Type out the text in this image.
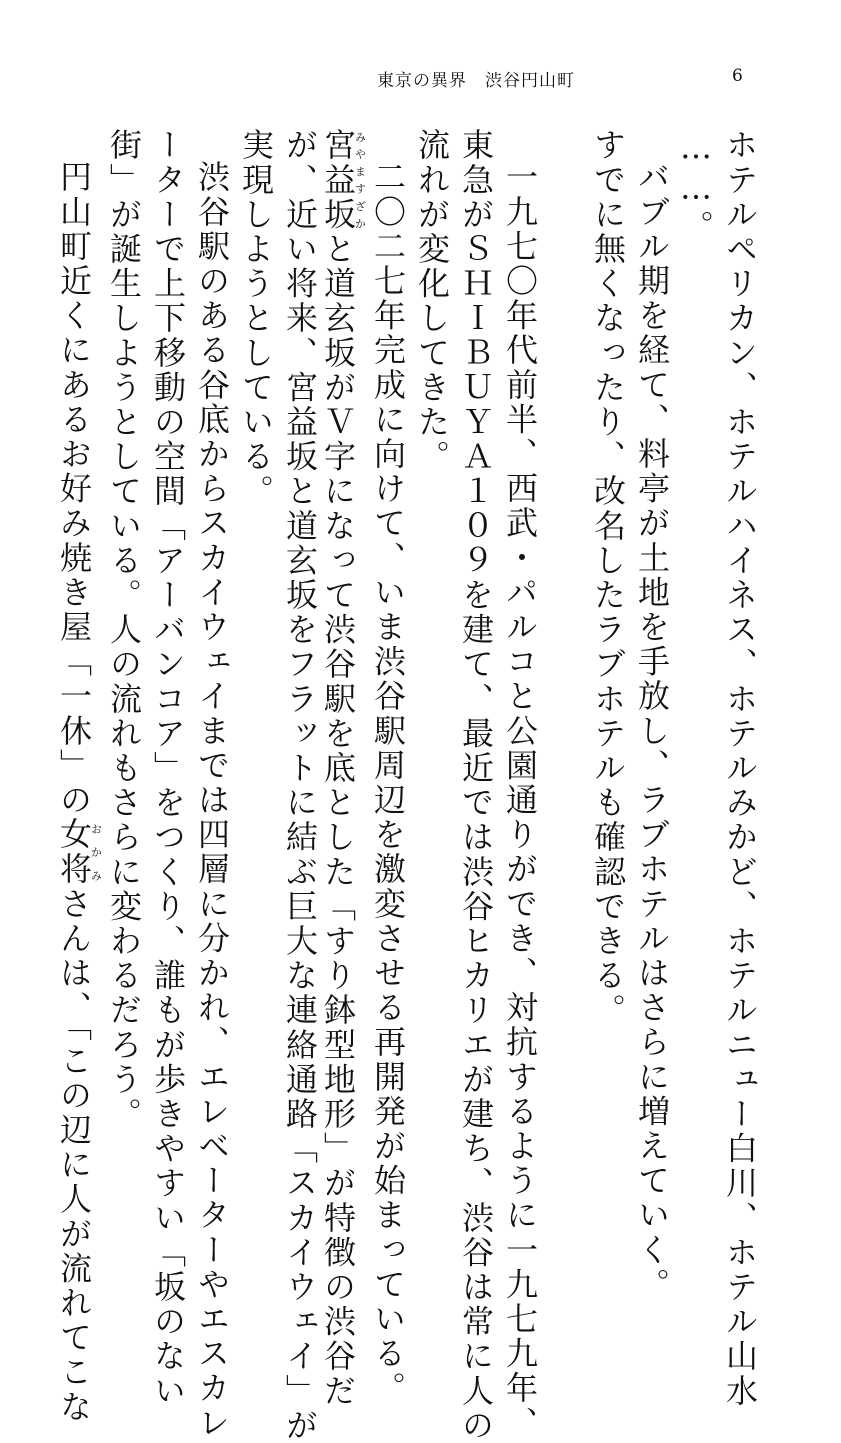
東京の異界　渋谷円山町	6
ホテルペリカン、ホテルハイネス、ホテルみかど、ホテルニュー白川、ホテル山水
……。
バブル期を経て、料亭が土地を手放し、ラブホテルはさらに増えていく。
すでに無くなったり、改名したラブホテルも確認できる。
一九七〇年代前半、西武・パルコと公園通りができ、対抗するように一九七九年、
東急がＳＨＩＢＵＹＡ１０９を建て、最近では渋谷ヒカリエが建ち、渋谷は常に人の
流れが変化してきた。
二〇二七年完成に向けて、いま渋谷駅周辺を激変させる再開発が始まっている。
宮益坂みやますざかと道玄坂がＶ字になって渋谷駅を底とした「すり鉢型地形」が特徴の渋谷だ
が、近い将来、宮益坂と道玄坂をフラットに結ぶ巨大な連絡通路「スカイウェイ」が
実現しようとしている。
渋谷駅のある谷底からスカイウェイまでは四層に分かれ、エレベーターやエスカレ
ーターで上下移動の空間「アーバンコア」をつくり、誰もが歩きやすい「坂のない
街」が誕生しようとしている。人の流れもさらに変わるだろう。
円山町近くにあるお好み焼き屋「一休」の女将おかみさんは、「この辺に人が流れてこな
